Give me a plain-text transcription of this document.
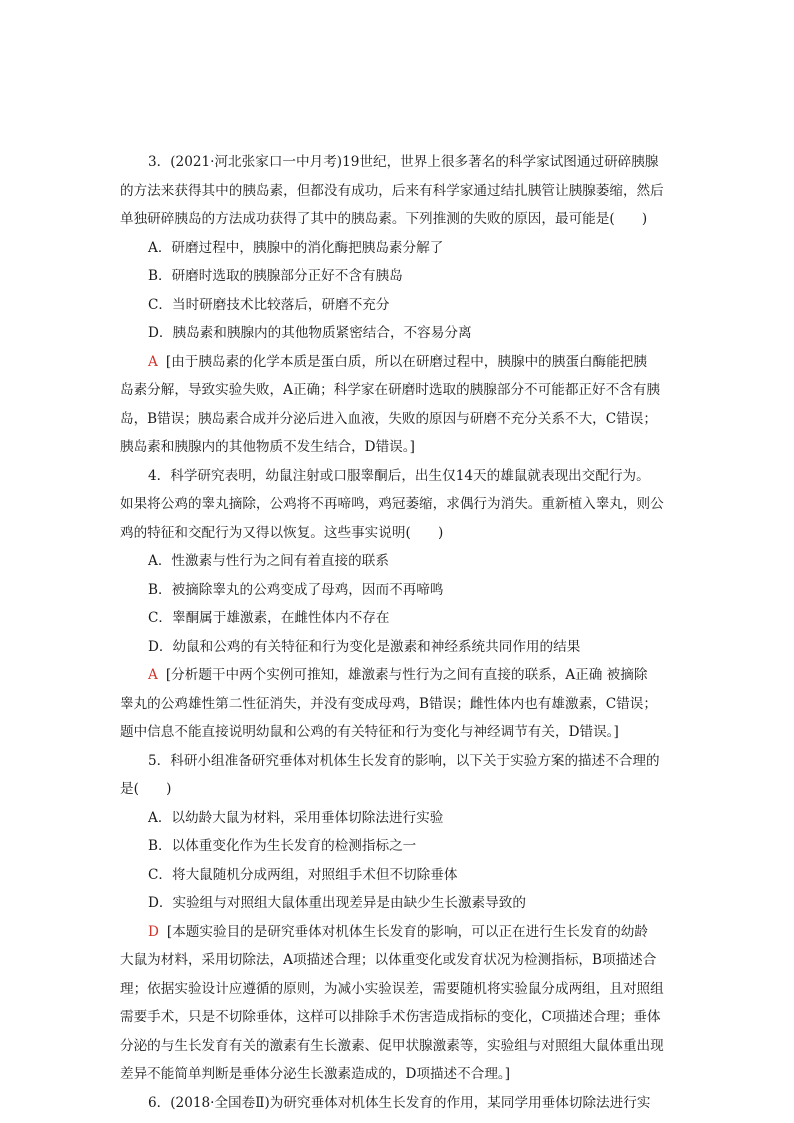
3．(2021·河北张家口一中月考)19世纪，世界上很多著名的科学家试图通过研碎胰腺
的方法来获得其中的胰岛素，但都没有成功，后来有科学家通过结扎胰管让胰腺萎缩，然后
单独研碎胰岛的方法成功获得了其中的胰岛素。下列推测的失败的原因，最可能是(　　)
A．研磨过程中，胰腺中的消化酶把胰岛素分解了
B．研磨时选取的胰腺部分正好不含有胰岛
C．当时研磨技术比较落后，研磨不充分
D．胰岛素和胰腺内的其他物质紧密结合，不容易分离
A [由于胰岛素的化学本质是蛋白质，所以在研磨过程中，胰腺中的胰蛋白酶能把胰
岛素分解，导致实验失败，A正确；科学家在研磨时选取的胰腺部分不可能都正好不含有胰
岛，B错误；胰岛素合成并分泌后进入血液，失败的原因与研磨不充分关系不大，C错误；
胰岛素和胰腺内的其他物质不发生结合，D错误。]
4．科学研究表明，幼鼠注射或口服睾酮后，出生仅14天的雄鼠就表现出交配行为。
如果将公鸡的睾丸摘除，公鸡将不再啼鸣，鸡冠萎缩，求偶行为消失。重新植入睾丸，则公
鸡的特征和交配行为又得以恢复。这些事实说明(　　)
A．性激素与性行为之间有着直接的联系
B．被摘除睾丸的公鸡变成了母鸡，因而不再啼鸣
C．睾酮属于雄激素，在雌性体内不存在
D．幼鼠和公鸡的有关特征和行为变化是激素和神经系统共同作用的结果
A [分析题干中两个实例可推知，雄激素与性行为之间有直接的联系，A正确 被摘除
睾丸的公鸡雄性第二性征消失，并没有变成母鸡，B错误；雌性体内也有雄激素，C错误；
题中信息不能直接说明幼鼠和公鸡的有关特征和行为变化与神经调节有关，D错误。]
5．科研小组准备研究垂体对机体生长发育的影响，以下关于实验方案的描述不合理的
是(　　)
A．以幼龄大鼠为材料，采用垂体切除法进行实验
B．以体重变化作为生长发育的检测指标之一
C．将大鼠随机分成两组，对照组手术但不切除垂体
D．实验组与对照组大鼠体重出现差异是由缺少生长激素导致的
D [本题实验目的是研究垂体对机体生长发育的影响，可以正在进行生长发育的幼龄
大鼠为材料，采用切除法，A项描述合理；以体重变化或发育状况为检测指标，B项描述合
理；依据实验设计应遵循的原则，为减小实验误差，需要随机将实验鼠分成两组，且对照组
需要手术，只是不切除垂体，这样可以排除手术伤害造成指标的变化，C项描述合理；垂体
分泌的与生长发育有关的激素有生长激素、促甲状腺激素等，实验组与对照组大鼠体重出现
差异不能简单判断是垂体分泌生长激素造成的，D项描述不合理。]
6．(2018·全国卷Ⅱ)为研究垂体对机体生长发育的作用，某同学用垂体切除法进行实
